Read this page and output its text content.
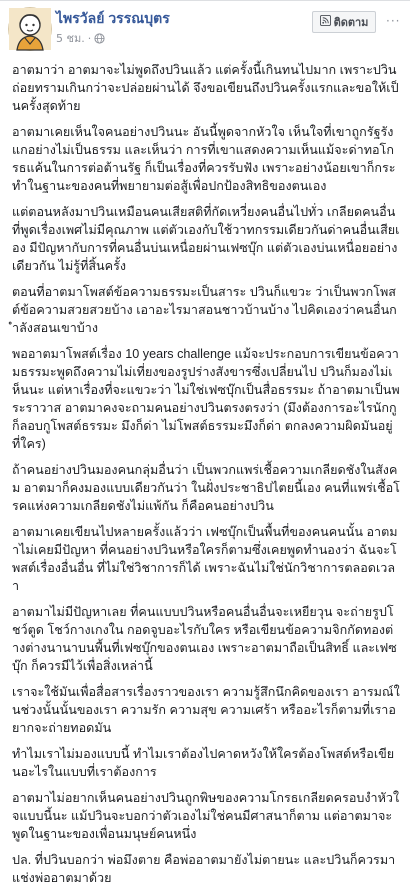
ไพรวัลย์ วรรณบุตร
5 ชม. ·
ติดตาม ···

อาตมาว่า อาตมาจะไม่พูดถึงปวินแล้ว แต่ครั้งนี้เกินทนไปมาก เพราะปวินถ่อยทรามเกินกว่าจะปล่อยผ่านได้ จึงขอเขียนถึงปวินครั้งแรกและขอให้เป็นครั้งสุดท้าย

อาตมาเคยเห็นใจคนอย่างปวินนะ อันนี้พูดจากหัวใจ เห็นใจที่เขาถูกรัฐรังแกอย่างไม่เป็นธรรม และเห็นว่า การที่เขาแสดงความเห็นแม้จะด่าทอโกรธแค้นในการต่อต้านรัฐ ก็เป็นเรื่องที่ควรรับฟัง เพราะอย่างน้อยเขาก็กระทำในฐานะของคนที่พยายามต่อสู้เพื่อปกป้องสิทธิของตนเอง

แต่ตอนหลังมาปวินเหมือนคนเสียสติที่กัดเหวี่ยงคนอื่นไปทั่ว เกลียดคนอื่นที่พูดเรื่องเพศไม่มีคุณภาพ แต่ตัวเองกับใช้วาทกรรมเดียวกันด่าคนอื่นเสียเอง มีปัญหากับการที่คนอื่นบ่นเหนื่อยผ่านเฟซบุ๊ก แต่ตัวเองบ่นเหนื่อยอย่างเดียวกัน ไม่รู้ที่สิ้นครั้ง

ตอนที่อาตมาโพสต์ข้อความธรรมะเป็นสาระ ปวินก็แขวะ ว่าเป็นพวกโพสต์ข้อความสวยสวยบ้าง เอาอะไรมาสอนชาวบ้านบ้าง ไปคิดเองว่าคนอื่นกำลังสอนเขาบ้าง

พออาตมาโพสต์เรื่อง 10 years challenge แม้จะประกอบการเขียนข้อความธรรมะพูดถึงความไม่เที่ยงของรูปร่างสังขารซึ่งเปลี่ยนไป ปวินก็มองไม่เห็นนะ แต่หาเรื่องที่จะแขวะว่า ไม่ใช่เฟซบุ๊กเป็นสื่อธรรมะ ถ้าอาตมาเป็นพระราวาส อาตมาคงจะถามคนอย่างปวินตรงตรงว่า (มึงต้องการอะไรนักกู ก็ลอบกูโพสต์ธรรมะ มึงก็ด่า ไม่โพสต์ธรรมะมึงก็ด่า ตกลงความผิดมันอยู่ที่ใคร)

ถ้าคนอย่างปวินมองคนกลุ่มอื่นว่า เป็นพวกแพร่เชื้อความเกลียดชังในสังคม อาตมาก็คงมองแบบเดียวกันว่า ในฝั่งประชาธิปไตยนี้เอง คนที่แพร่เชื้อโรคแห่งความเกลียดชังไม่แพ้กัน ก็คือคนอย่างปวิน

อาตมาเคยเขียนไปหลายครั้งแล้วว่า เฟซบุ๊กเป็นพื้นที่ของคนคนนั้น อาตมาไม่เคยมีปัญหา ที่คนอย่างปวินหรือใครก็ตามซึ่งเคยพูดทำนองว่า ฉันจะโพสต์เรื่องอื่นอื่น ที่ไม่ใช่วิชาการก็ได้ เพราะฉันไม่ใช่นักวิชาการตลอดเวลา

อาตมาไม่มีปัญหาเลย ที่คนแบบปวินหรือคนอื่นอื่นจะเหยียวุน จะถ่ายรูปโชว์ตูด โชว์กางเกงใน กอดจูบอะไรกับใคร หรือเขียนข้อความจิกกัดทองต่างต่างนานาบนพื้นที่เฟซบุ๊กของตนเอง เพราะอาตมาถือเป็นสิทธิ์ และเฟซบุ๊ก ก็ควรมีไว้เพื่อสิ่งเหล่านี้

เราจะใช้มันเพื่อสื่อสารเรื่องราวของเรา ความรู้สึกนึกคิดของเรา อารมณ์ในช่วงนั้นนั้นของเรา ความรัก ความสุข ความเศร้า หรืออะไรก็ตามที่เราอยากจะถ่ายทอดมัน

ทำไมเราไม่มองแบบนี้ ทำไมเราต้องไปคาดหวังให้ใครต้องโพสต์หรือเขียนอะไรในแบบที่เราต้องการ

อาตมาไม่อยากเห็นคนอย่างปวินถูกพิษของความโกรธเกลียดครอบงำหัวใจแบบนี้นะ แม้ปวินจะบอกว่าตัวเองไม่ใช่คนมีศาสนาก็ตาม แต่อาตมาจะพูดในฐานะของเพื่อนมนุษย์คนหนึ่ง

ปล. ที่ปวินบอกว่า พ่อมึงตาย คือพ่ออาตมายังไม่ตายนะ และปวินก็ควรมาแช่งพ่ออาตมาด้วย
